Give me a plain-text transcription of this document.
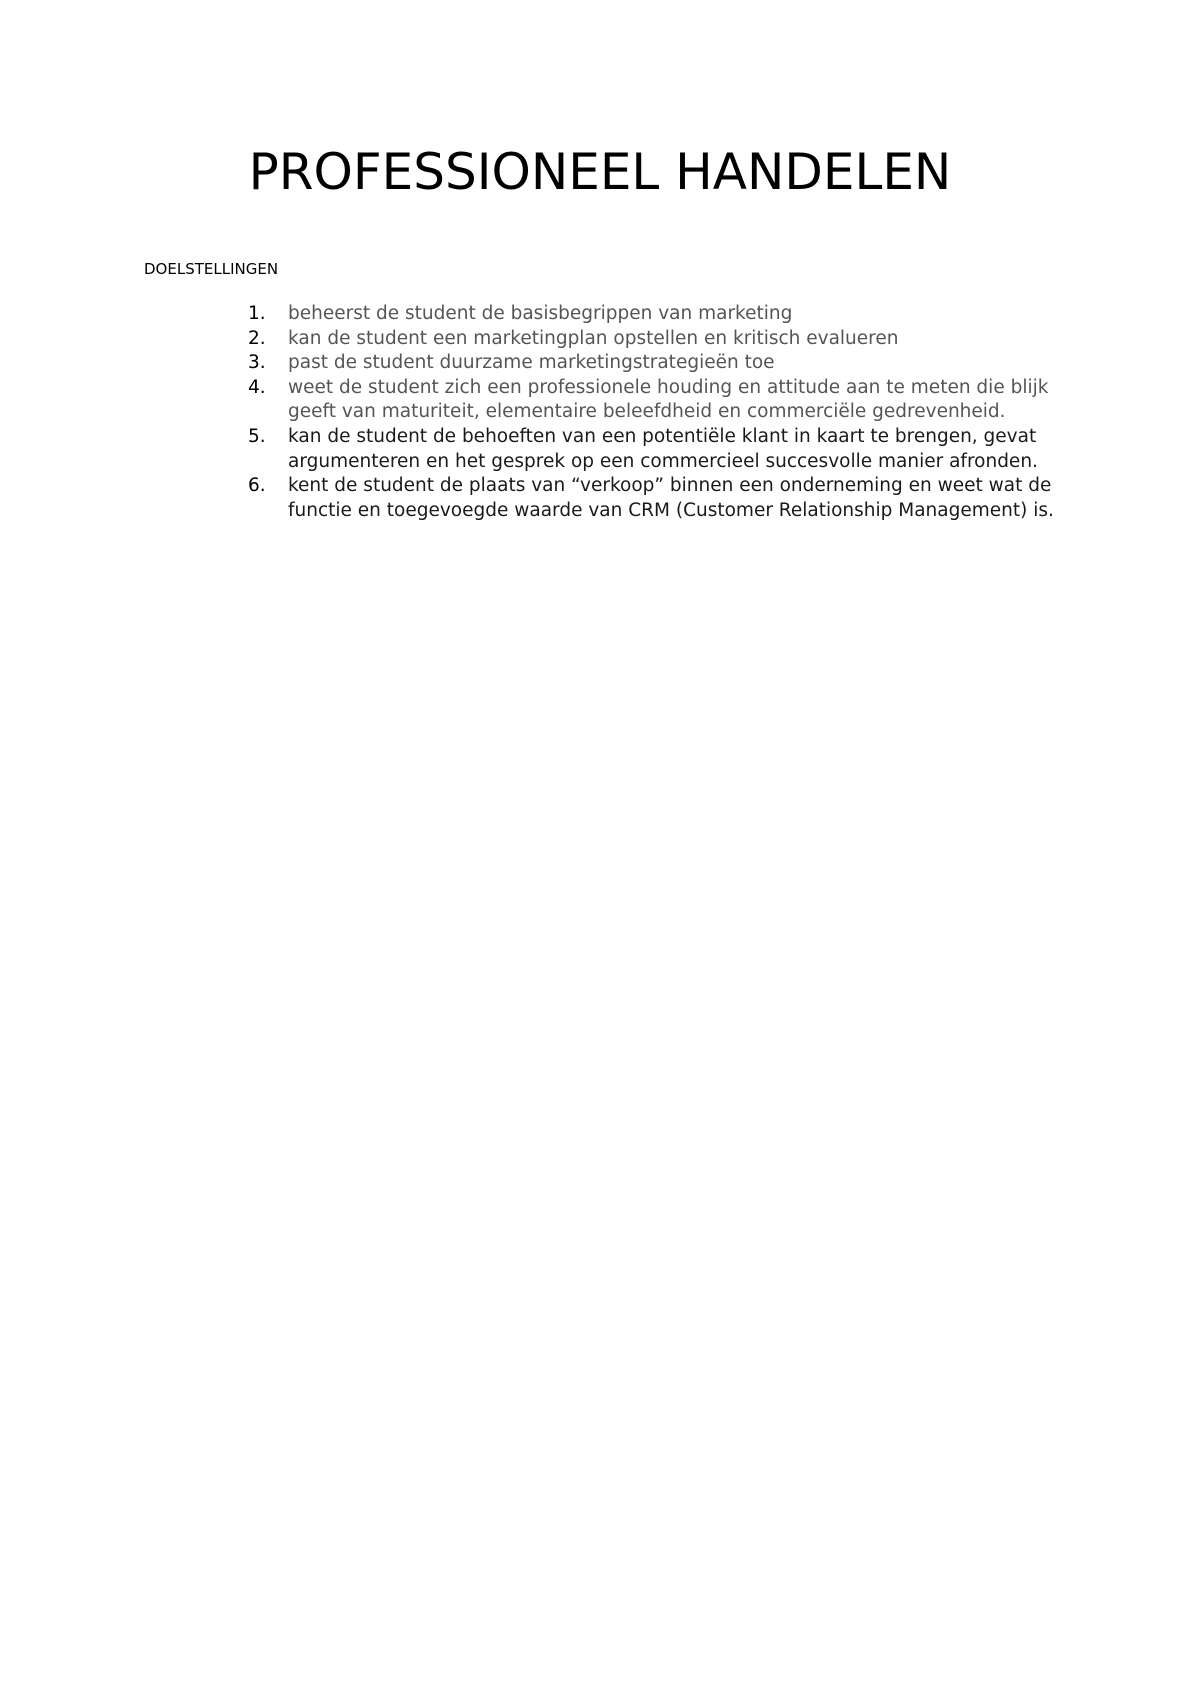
PROFESSIONEEL HANDELEN

DOELSTELLINGEN

1.	beheerst de student de basisbegrippen van marketing
2.	kan de student een marketingplan opstellen en kritisch evalueren
3.	past de student duurzame marketingstrategieën toe
4.	weet de student zich een professionele houding en attitude aan te meten die blijk geeft van maturiteit, elementaire beleefdheid en commerciële gedrevenheid.
5.	kan de student de behoeften van een potentiële klant in kaart te brengen, gevat argumenteren en het gesprek op een commercieel succesvolle manier afronden.
6.	kent de student de plaats van “verkoop” binnen een onderneming en weet wat de functie en toegevoegde waarde van CRM (Customer Relationship Management) is.
